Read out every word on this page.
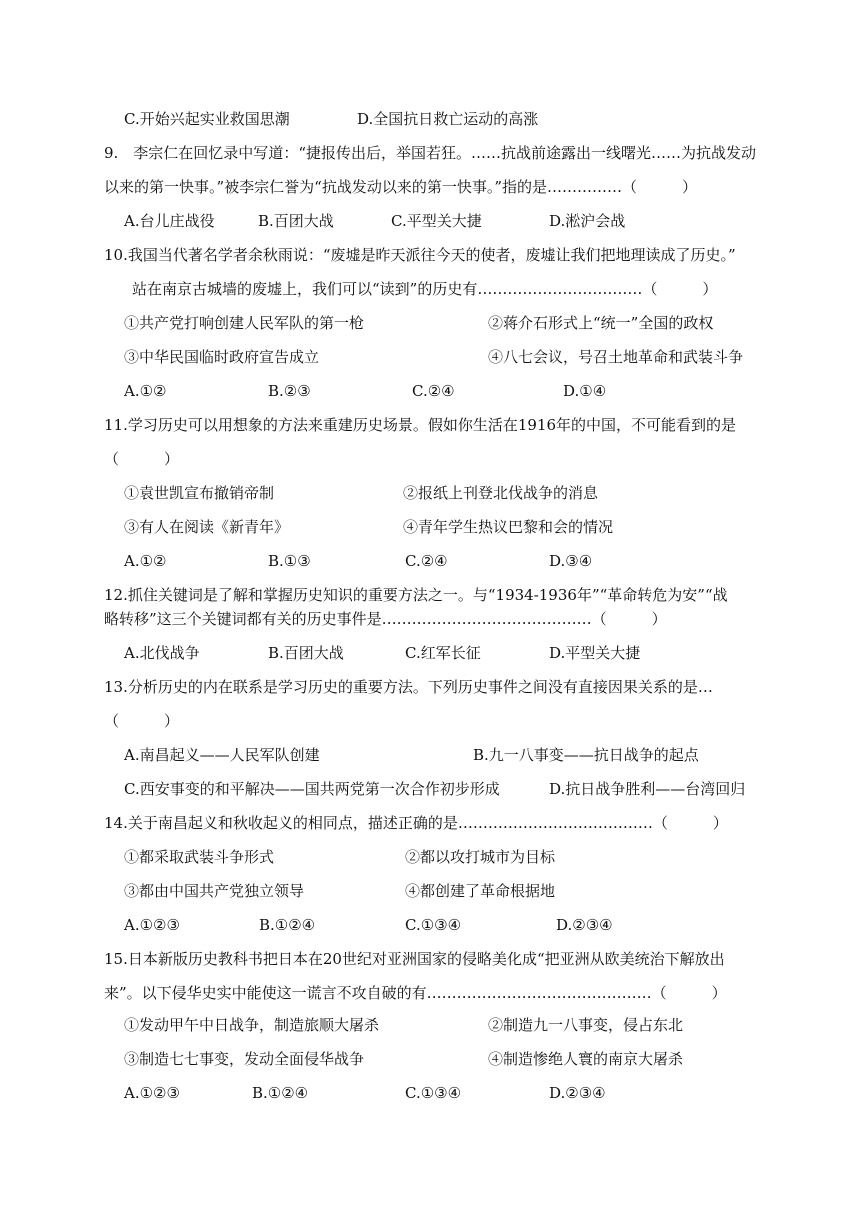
C.开始兴起实业救国思潮	D.全国抗日救亡运动的高涨
9.　李宗仁在回忆录中写道：“捷报传出后，举国若狂。……抗战前途露出一线曙光……为抗战发动
以来的第一快事。”被李宗仁誉为“抗战发动以来的第一快事。”指的是……………（　　　）
A.台儿庄战役	B.百团大战	C.平型关大捷	D.淞沪会战
10.我国当代著名学者余秋雨说：“废墟是昨天派往今天的使者，废墟让我们把地理读成了历史。”
站在南京古城墙的废墟上，我们可以“读到”的历史有……………………………（　　　）
①共产党打响创建人民军队的第一枪	②蒋介石形式上“统一”全国的政权
③中华民国临时政府宣告成立	④八七会议，号召土地革命和武装斗争
A.①②	B.②③	C.②④	D.①④
11.学习历史可以用想象的方法来重建历史场景。假如你生活在1916年的中国，不可能看到的是
（　　　）
①袁世凯宣布撤销帝制	②报纸上刊登北伐战争的消息
③有人在阅读《新青年》	④青年学生热议巴黎和会的情况
A.①②	B.①③	C.②④	D.③④
12.抓住关键词是了解和掌握历史知识的重要方法之一。与“1934-1936年”“革命转危为安”“战
略转移”这三个关键词都有关的历史事件是……………………………………（　　　）
A.北伐战争	B.百团大战	C.红军长征	D.平型关大捷
13.分析历史的内在联系是学习历史的重要方法。下列历史事件之间没有直接因果关系的是…
（　　　）
A.南昌起义——人民军队创建	B.九一八事变——抗日战争的起点
C.西安事变的和平解决——国共两党第一次合作初步形成	D.抗日战争胜利——台湾回归
14.关于南昌起义和秋收起义的相同点，描述正确的是…………………………………（　　　）
①都采取武装斗争形式	②都以攻打城市为目标
③都由中国共产党独立领导	④都创建了革命根据地
A.①②③	B.①②④	C.①③④	D.②③④
15.日本新版历史教科书把日本在20世纪对亚洲国家的侵略美化成“把亚洲从欧美统治下解放出
来”。以下侵华史实中能使这一谎言不攻自破的有………………………………………（　　　）
①发动甲午中日战争，制造旅顺大屠杀	②制造九一八事变，侵占东北
③制造七七事变，发动全面侵华战争	④制造惨绝人寰的南京大屠杀
A.①②③	B.①②④	C.①③④	D.②③④
